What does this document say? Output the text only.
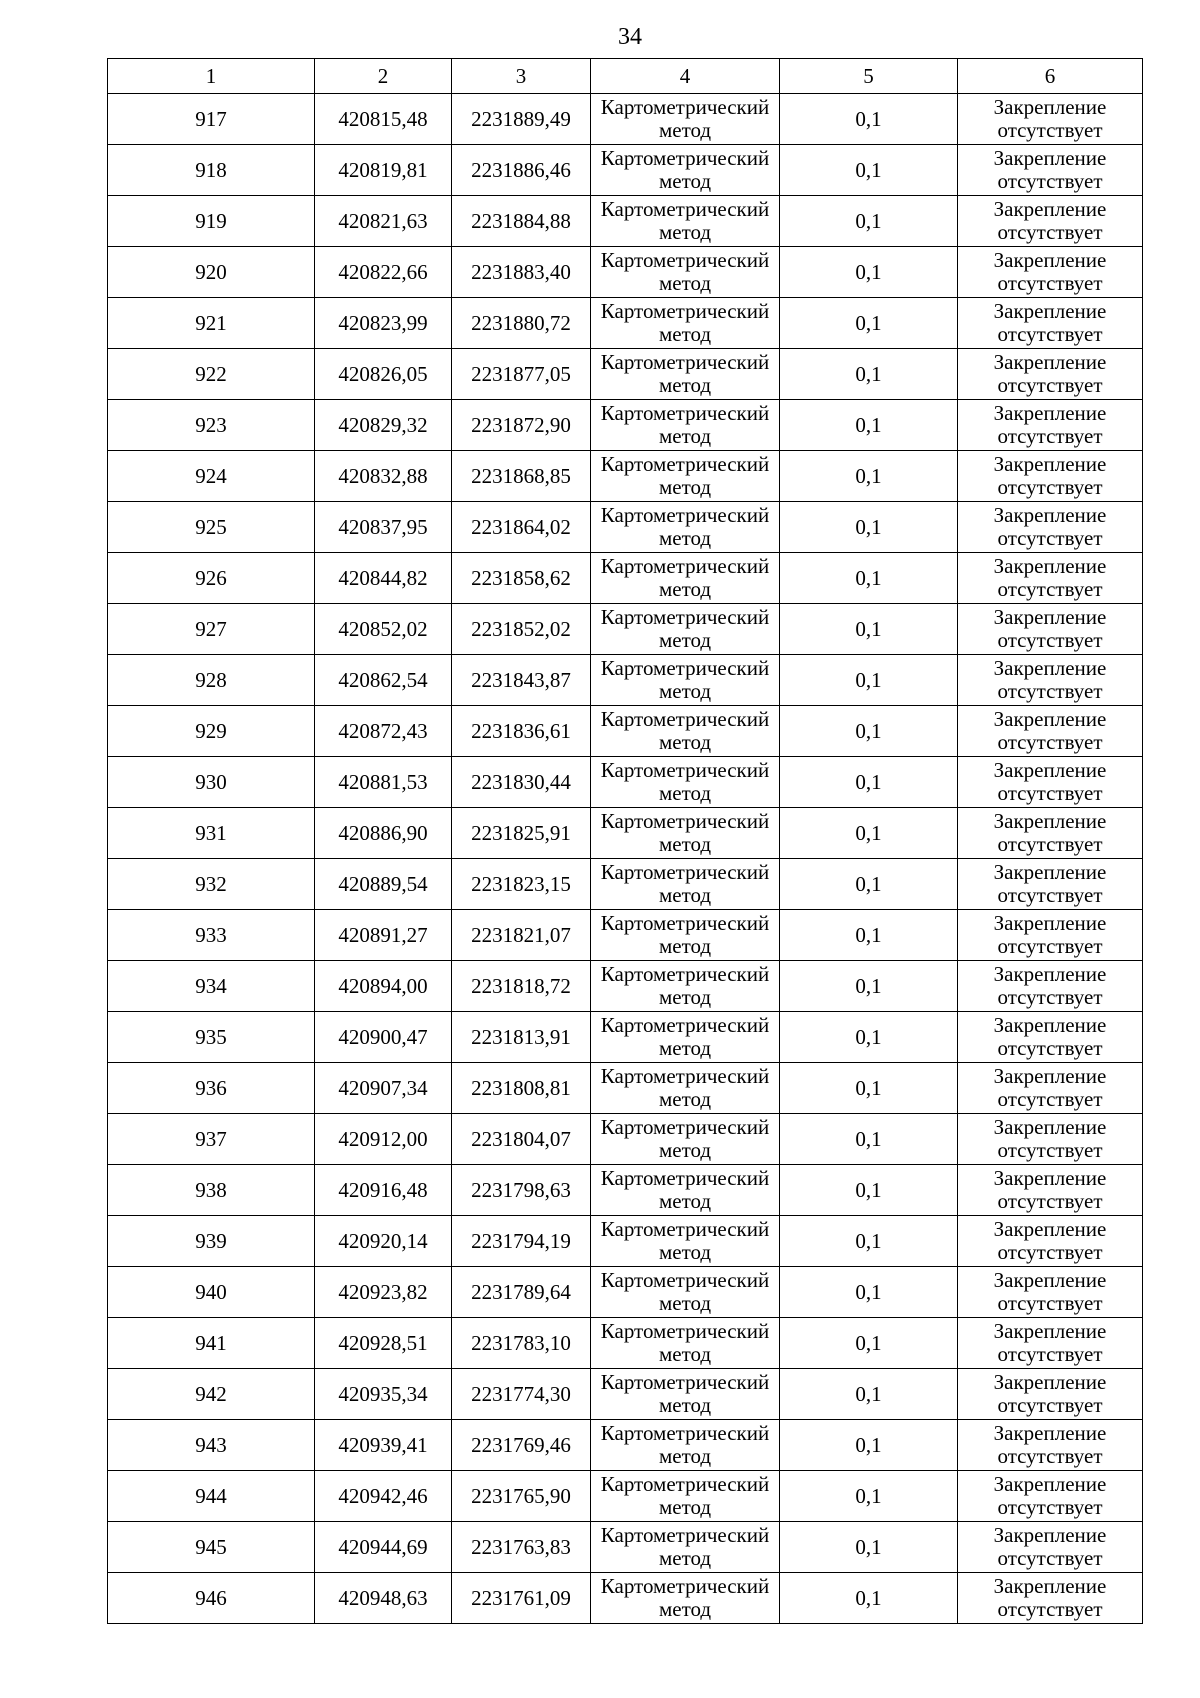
34
1	2	3	4	5	6
917	420815,48	2231889,49	Картометрический метод	0,1	Закрепление отсутствует
918	420819,81	2231886,46	Картометрический метод	0,1	Закрепление отсутствует
919	420821,63	2231884,88	Картометрический метод	0,1	Закрепление отсутствует
920	420822,66	2231883,40	Картометрический метод	0,1	Закрепление отсутствует
921	420823,99	2231880,72	Картометрический метод	0,1	Закрепление отсутствует
922	420826,05	2231877,05	Картометрический метод	0,1	Закрепление отсутствует
923	420829,32	2231872,90	Картометрический метод	0,1	Закрепление отсутствует
924	420832,88	2231868,85	Картометрический метод	0,1	Закрепление отсутствует
925	420837,95	2231864,02	Картометрический метод	0,1	Закрепление отсутствует
926	420844,82	2231858,62	Картометрический метод	0,1	Закрепление отсутствует
927	420852,02	2231852,02	Картометрический метод	0,1	Закрепление отсутствует
928	420862,54	2231843,87	Картометрический метод	0,1	Закрепление отсутствует
929	420872,43	2231836,61	Картометрический метод	0,1	Закрепление отсутствует
930	420881,53	2231830,44	Картометрический метод	0,1	Закрепление отсутствует
931	420886,90	2231825,91	Картометрический метод	0,1	Закрепление отсутствует
932	420889,54	2231823,15	Картометрический метод	0,1	Закрепление отсутствует
933	420891,27	2231821,07	Картометрический метод	0,1	Закрепление отсутствует
934	420894,00	2231818,72	Картометрический метод	0,1	Закрепление отсутствует
935	420900,47	2231813,91	Картометрический метод	0,1	Закрепление отсутствует
936	420907,34	2231808,81	Картометрический метод	0,1	Закрепление отсутствует
937	420912,00	2231804,07	Картометрический метод	0,1	Закрепление отсутствует
938	420916,48	2231798,63	Картометрический метод	0,1	Закрепление отсутствует
939	420920,14	2231794,19	Картометрический метод	0,1	Закрепление отсутствует
940	420923,82	2231789,64	Картометрический метод	0,1	Закрепление отсутствует
941	420928,51	2231783,10	Картометрический метод	0,1	Закрепление отсутствует
942	420935,34	2231774,30	Картометрический метод	0,1	Закрепление отсутствует
943	420939,41	2231769,46	Картометрический метод	0,1	Закрепление отсутствует
944	420942,46	2231765,90	Картометрический метод	0,1	Закрепление отсутствует
945	420944,69	2231763,83	Картометрический метод	0,1	Закрепление отсутствует
946	420948,63	2231761,09	Картометрический метод	0,1	Закрепление отсутствует
